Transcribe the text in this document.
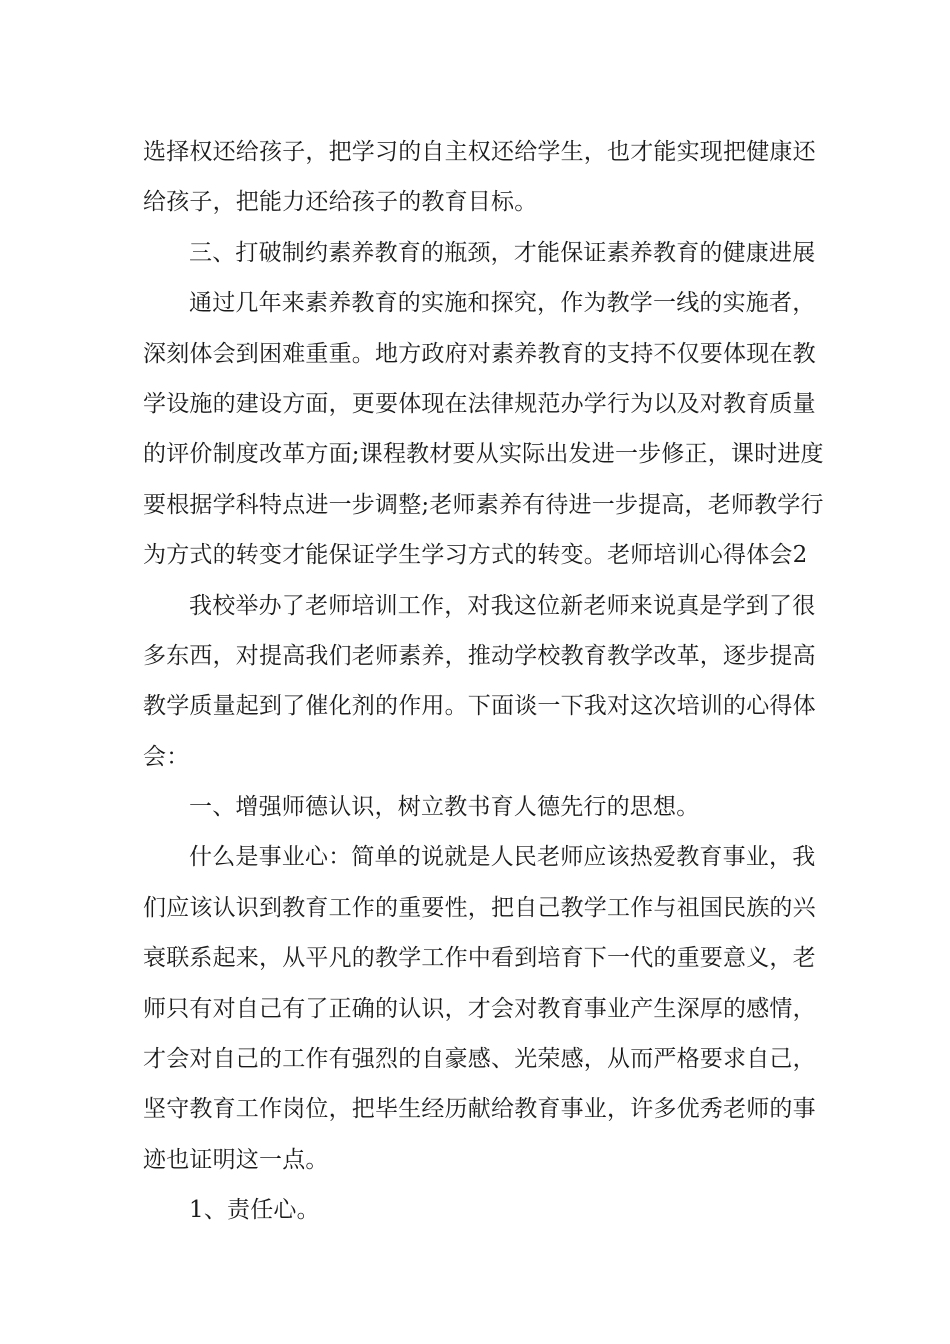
选择权还给孩子，把学习的自主权还给学生，也才能实现把健康还
给孩子，把能力还给孩子的教育目标。
三、打破制约素养教育的瓶颈，才能保证素养教育的健康进展
通过几年来素养教育的实施和探究，作为教学一线的实施者，
深刻体会到困难重重。地方政府对素养教育的支持不仅要体现在教
学设施的建设方面，更要体现在法律规范办学行为以及对教育质量
的评价制度改革方面;课程教材要从实际出发进一步修正，课时进度
要根据学科特点进一步调整;老师素养有待进一步提高，老师教学行
为方式的转变才能保证学生学习方式的转变。老师培训心得体会2
我校举办了老师培训工作，对我这位新老师来说真是学到了很
多东西，对提高我们老师素养，推动学校教育教学改革，逐步提高
教学质量起到了催化剂的作用。下面谈一下我对这次培训的心得体
会：
一、增强师德认识，树立教书育人德先行的思想。
什么是事业心：简单的说就是人民老师应该热爱教育事业，我
们应该认识到教育工作的重要性，把自己教学工作与祖国民族的兴
衰联系起来，从平凡的教学工作中看到培育下一代的重要意义，老
师只有对自己有了正确的认识，才会对教育事业产生深厚的感情，
才会对自己的工作有强烈的自豪感、光荣感，从而严格要求自己，
坚守教育工作岗位，把毕生经历献给教育事业，许多优秀老师的事
迹也证明这一点。
1、责任心。
